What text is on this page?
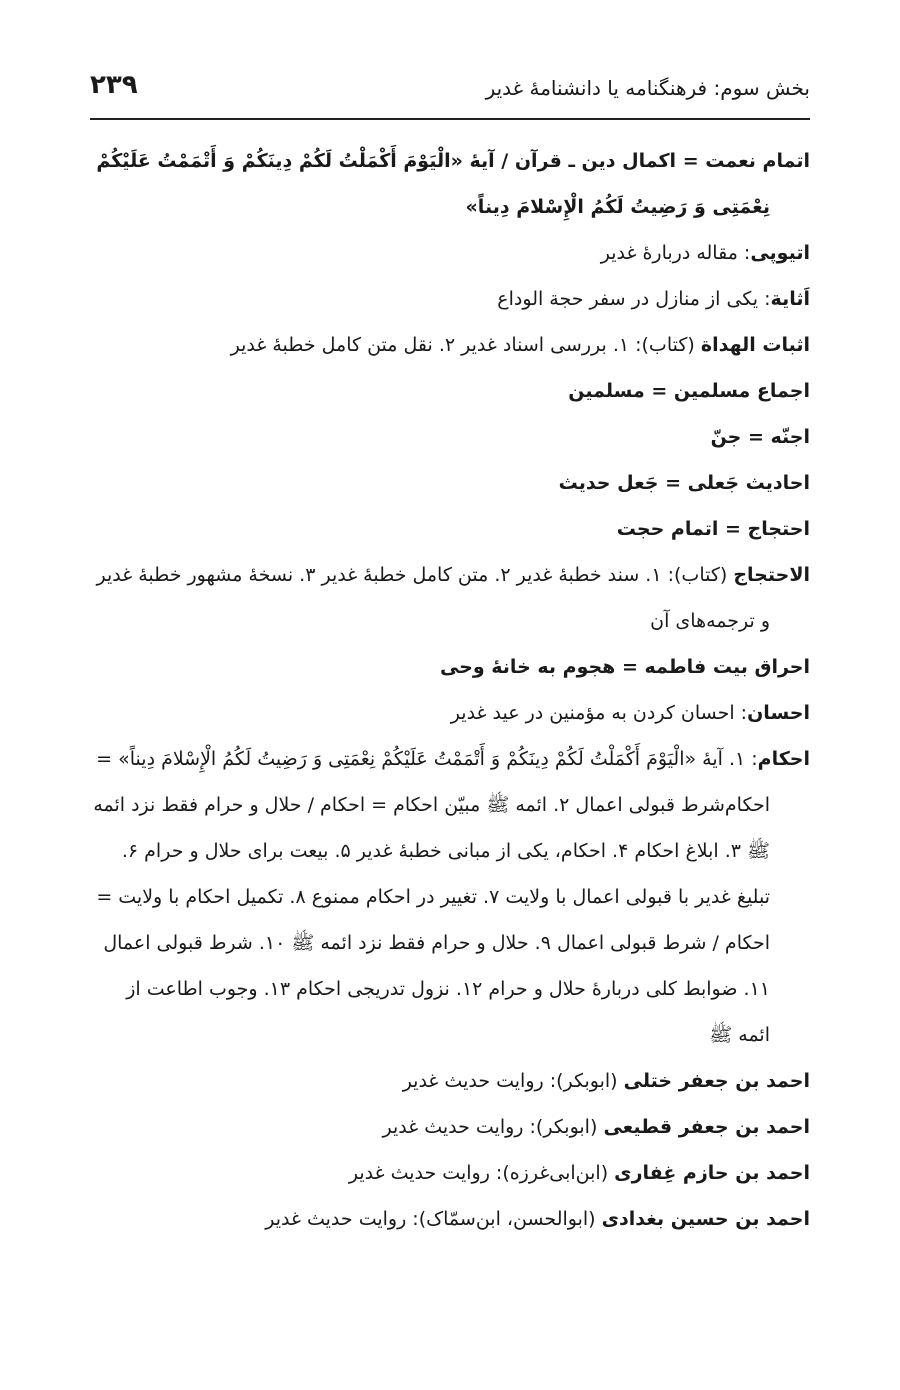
بخش سوم: فرهنگنامه یا دانشنامهٔ غدیر
۲۳۹
اتمام نعمت = اکمال دین ـ قرآن / آیهٔ «الْیَوْمَ أَکْمَلْتُ لَکُمْ دِینَکُمْ وَ أَتْمَمْتُ عَلَیْکُمْ نِعْمَتِی وَ رَضِیتُ لَکُمُ الْإِسْلامَ دِیناً»
اتیوپی: مقاله دربارهٔ غدیر
اَثایة: یکی از منازل در سفر حجة الوداع
اثبات الهداة (کتاب): ۱. بررسی اسناد غدیر ۲. نقل متن کامل خطبهٔ غدیر
اجماع مسلمین = مسلمین
اجنّه = جنّ
احادیث جَعلی = جَعل حدیث
احتجاج = اتمام حجت
الاحتجاج (کتاب): ۱. سند خطبهٔ غدیر ۲. متن کامل خطبهٔ غدیر ۳. نسخهٔ مشهور خطبهٔ غدیر و ترجمه‌های آن
احراق بیت فاطمه = هجوم به خانهٔ وحی
احسان: احسان کردن به مؤمنین در عید غدیر
احکام: ۱. آیهٔ «الْیَوْمَ أَکْمَلْتُ لَکُمْ دِینَکُمْ وَ أَتْمَمْتُ عَلَیْکُمْ نِعْمَتِی وَ رَضِیتُ لَکُمُ الْإِسْلامَ دِیناً» = احکام‌شرط قبولی اعمال ۲. ائمه ﷺ مبیّن احکام = احکام / حلال و حرام فقط نزد ائمه ﷺ ۳. ابلاغ احکام ۴. احکام، یکی از مبانی خطبهٔ غدیر ۵. بیعت برای حلال و حرام ۶. تبلیغ غدیر با قبولی اعمال با ولایت ۷. تغییر در احکام ممنوع ۸. تکمیل احکام با ولایت = احکام / شرط قبولی اعمال ۹. حلال و حرام فقط نزد ائمه ﷺ ۱۰. شرط قبولی اعمال ۱۱. ضوابط کلی دربارهٔ حلال و حرام ۱۲. نزول تدریجی احکام ۱۳. وجوب اطاعت از ائمه ﷺ
احمد بن جعفر ختلی (ابوبکر): روایت حدیث غدیر
احمد بن جعفر قطیعی (ابوبکر): روایت حدیث غدیر
احمد بن حازم غِفاری (ابن‌ابی‌غرزه): روایت حدیث غدیر
احمد بن حسین بغدادی (ابوالحسن، ابن‌سمّاک): روایت حدیث غدیر
